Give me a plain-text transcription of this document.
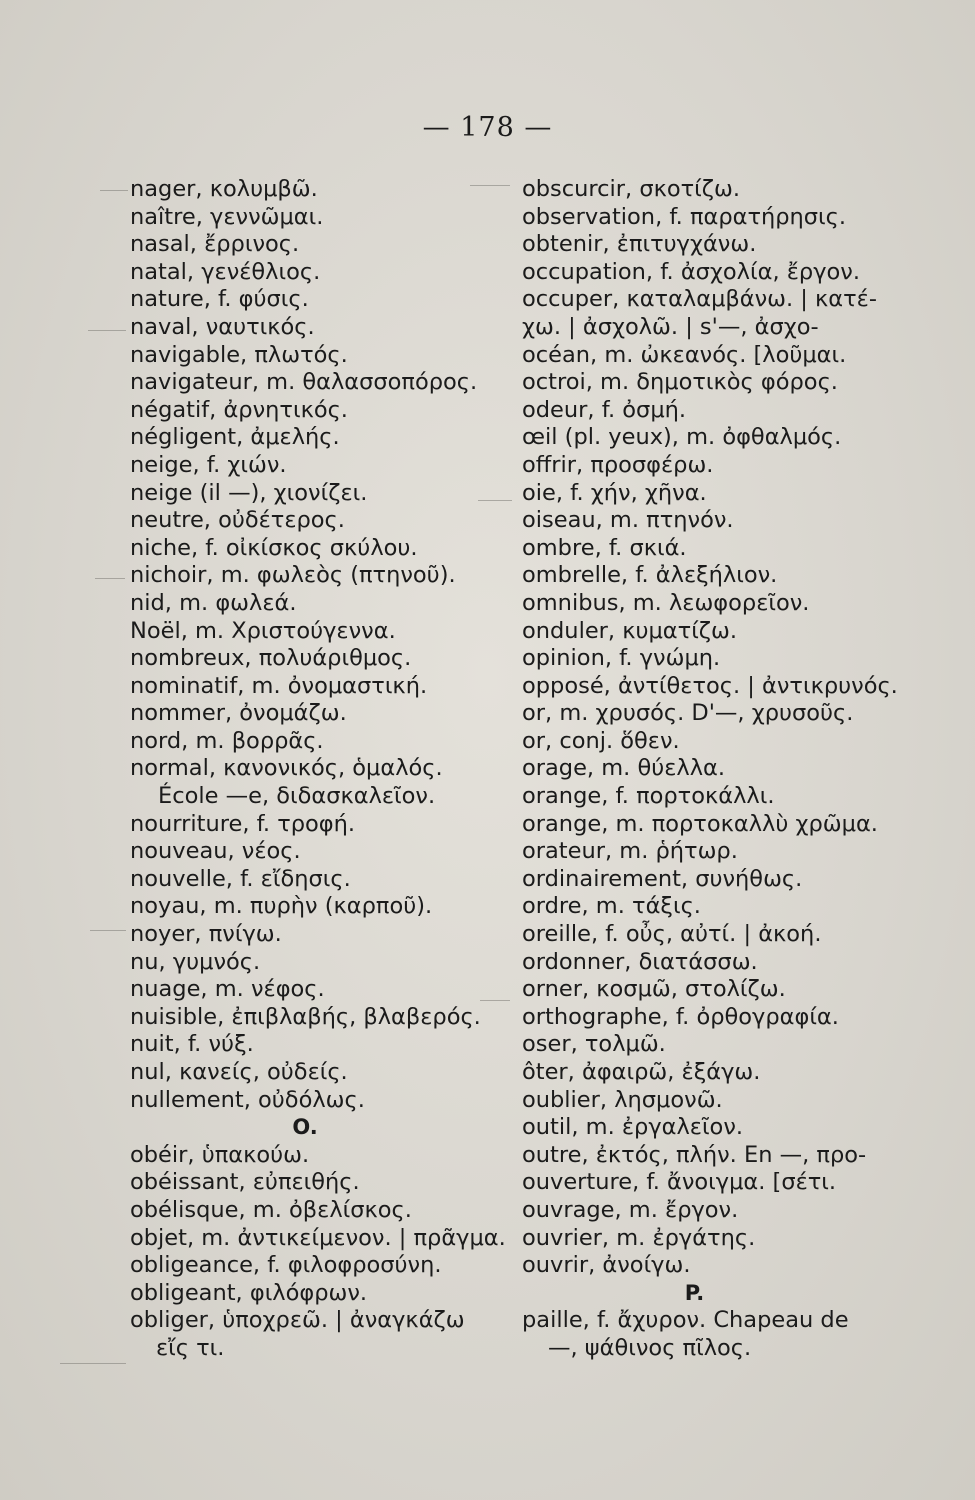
— 178 —
nager, κολυμβῶ.
naître, γεννῶμαι.
nasal, ἔρρινος.
natal, γενέθλιος.
nature, f. φύσις.
naval, ναυτικός.
navigable, πλωτός.
navigateur, m. θαλασσοπόρος.
négatif, ἀρνητικός.
négligent, ἀμελής.
neige, f. χιών.
neige (il —), χιονίζει.
neutre, οὐδέτερος.
niche, f. οἰκίσκος σκύλου.
nichoir, m. φωλεὸς (πτηνοῦ).
nid, m. φωλεά.
Noël, m. Χριστούγεννα.
nombreux, πολυάριθμος.
nominatif, m. ὀνομαστική.
nommer, ὀνομάζω.
nord, m. βορρᾶς.
normal, κανονικός, ὁμαλός.
École —e, διδασκαλεῖον.
nourriture, f. τροφή.
nouveau, νέος.
nouvelle, f. εἴδησις.
noyau, m. πυρὴν (καρποῦ).
noyer, πνίγω.
nu, γυμνός.
nuage, m. νέφος.
nuisible, ἐπιβλαβής, βλαβερός.
nuit, f. νύξ.
nul, κανείς, οὐδείς.
nullement, οὐδόλως.
O.
obéir, ὑπακούω.
obéissant, εὐπειθής.
obélisque, m. ὀβελίσκος.
objet, m. ἀντικείμενον. | πρᾶγμα.
obligeance, f. φιλοφροσύνη.
obligeant, φιλόφρων.
obliger, ὑποχρεῶ. | ἀναγκάζω
εἴς τι.
obscurcir, σκοτίζω.
observation, f. παρατήρησις.
obtenir, ἐπιτυγχάνω.
occupation, f. ἀσχολία, ἔργον.
occuper, καταλαμβάνω. | κατέ-
χω. | ἀσχολῶ. | s'—, ἀσχο-
océan, m. ὠκεανός. [λοῦμαι.
octroi, m. δημοτικὸς φόρος.
odeur, f. ὀσμή.
œil (pl. yeux), m. ὀφθαλμός.
offrir, προσφέρω.
oie, f. χήν, χῆνα.
oiseau, m. πτηνόν.
ombre, f. σκιά.
ombrelle, f. ἀλεξήλιον.
omnibus, m. λεωφορεῖον.
onduler, κυματίζω.
opinion, f. γνώμη.
opposé, ἀντίθετος. | ἀντικρυνός.
or, m. χρυσός. D'—, χρυσοῦς.
or, conj. ὅθεν.
orage, m. θύελλα.
orange, f. πορτοκάλλι.
orange, m. πορτοκαλλὺ χρῶμα.
orateur, m. ῥήτωρ.
ordinairement, συνήθως.
ordre, m. τάξις.
oreille, f. οὖς, αὐτί. | ἀκοή.
ordonner, διατάσσω.
orner, κοσμῶ, στολίζω.
orthographe, f. ὀρθογραφία.
oser, τολμῶ.
ôter, ἀφαιρῶ, ἐξάγω.
oublier, λησμονῶ.
outil, m. ἐργαλεῖον.
outre, ἐκτός, πλήν. En —, προ-
ouverture, f. ἄνοιγμα. [σέτι.
ouvrage, m. ἔργον.
ouvrier, m. ἐργάτης.
ouvrir, ἀνοίγω.
P.
paille, f. ἄχυρον. Chapeau de
—, ψάθινος πῖλος.
